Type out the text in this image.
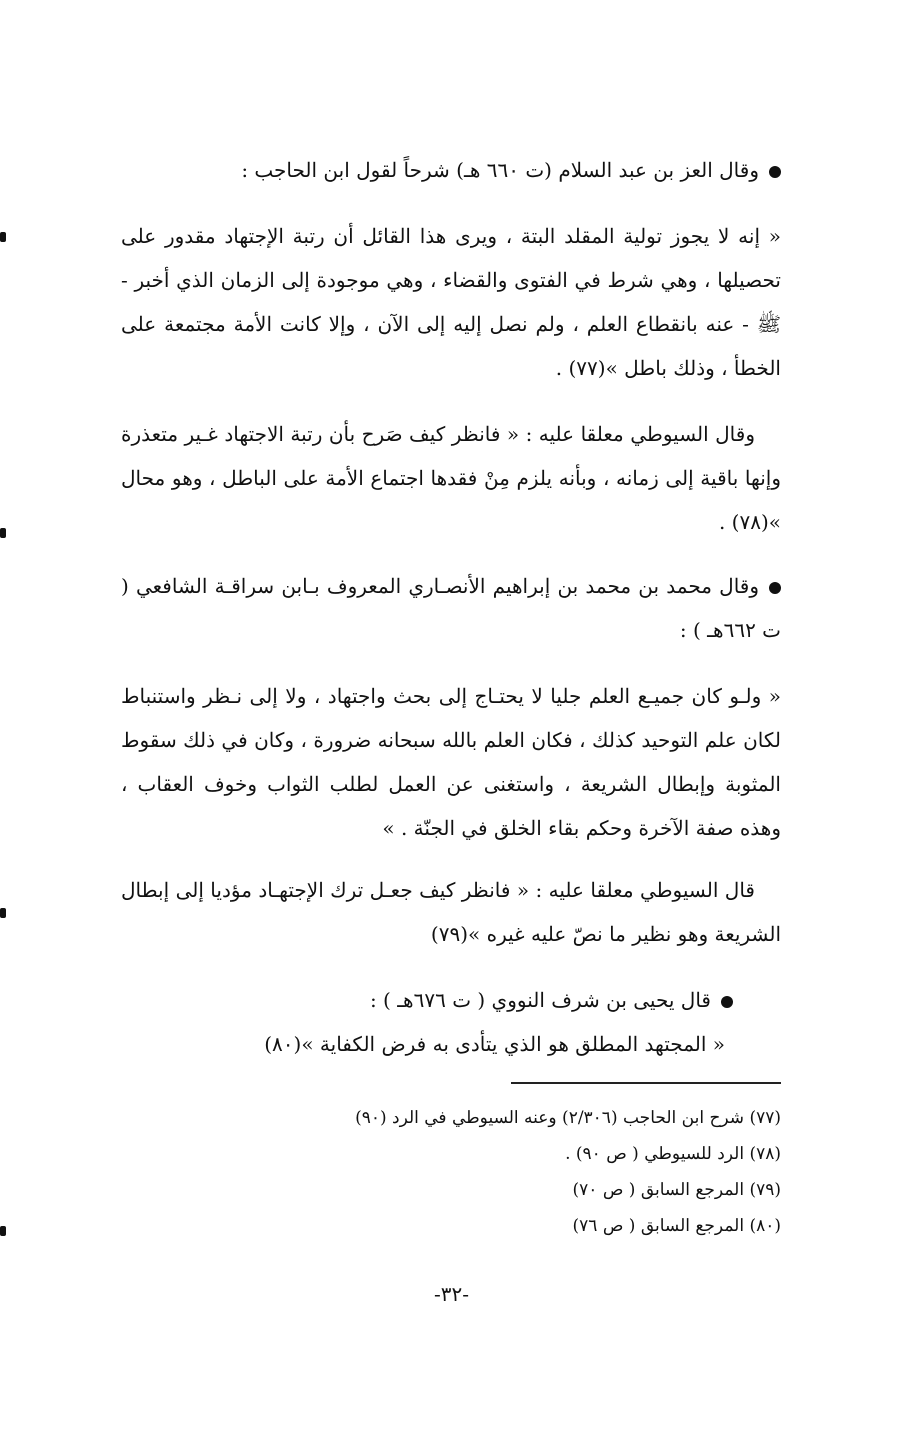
وقال العز بن عبد السلام (ت ٦٦٠ هـ) شرحاً لقول ابن الحاجب :

« إنه لا يجوز تولية المقلد البتة ، ويرى هذا القائل أن رتبة الإجتهاد مقدور على تحصيلها ، وهي شرط في الفتوى والقضاء ، وهي موجودة إلى الزمان الذي أخبر - ﷺ - عنه بانقطاع العلم ، ولم نصل إليه إلى الآن ، وإلا كانت الأمة مجتمعة على الخطأ ، وذلك باطل »(٧٧) .

وقال السيوطي معلقا عليه : « فانظر كيف صَرح بأن رتبة الاجتهاد غـير متعذرة وإنها باقية إلى زمانه ، وبأنه يلزم مِنْ فقدها اجتماع الأمة على الباطل ، وهو محال »(٧٨) .

وقال محمد بن محمد بن إبراهيم الأنصـاري المعروف بـابن سراقـة الشافعي ( ت ٦٦٢هـ ) :

« ولـو كان جميـع العلم جليا لا يحتـاج إلى بحث واجتهاد ، ولا إلى نـظر واستنباط لكان علم التوحيد كذلك ، فكان العلم بالله سبحانه ضرورة ، وكان في ذلك سقوط المثوبة وإبطال الشريعة ، واستغنى عن العمل لطلب الثواب وخوف العقاب ، وهذه صفة الآخرة وحكم بقاء الخلق في الجنّة . »

قال السيوطي معلقا عليه : « فانظر كيف جعـل ترك الإجتهـاد مؤديا إلى إبطال الشريعة وهو نظير ما نصّ عليه غيره »(٧٩)

قال يحيى بن شرف النووي ( ت ٦٧٦هـ ) :

« المجتهد المطلق هو الذي يتأدى به فرض الكفاية »(٨٠)

(٧٧) شرح ابن الحاجب (٢/٣٠٦) وعنه السيوطي في الرد (٩٠)
(٧٨) الرد للسيوطي ( ص ٩٠) .
(٧٩) المرجع السابق ( ص ٧٠)
(٨٠) المرجع السابق ( ص ٧٦)
-٣٢-
